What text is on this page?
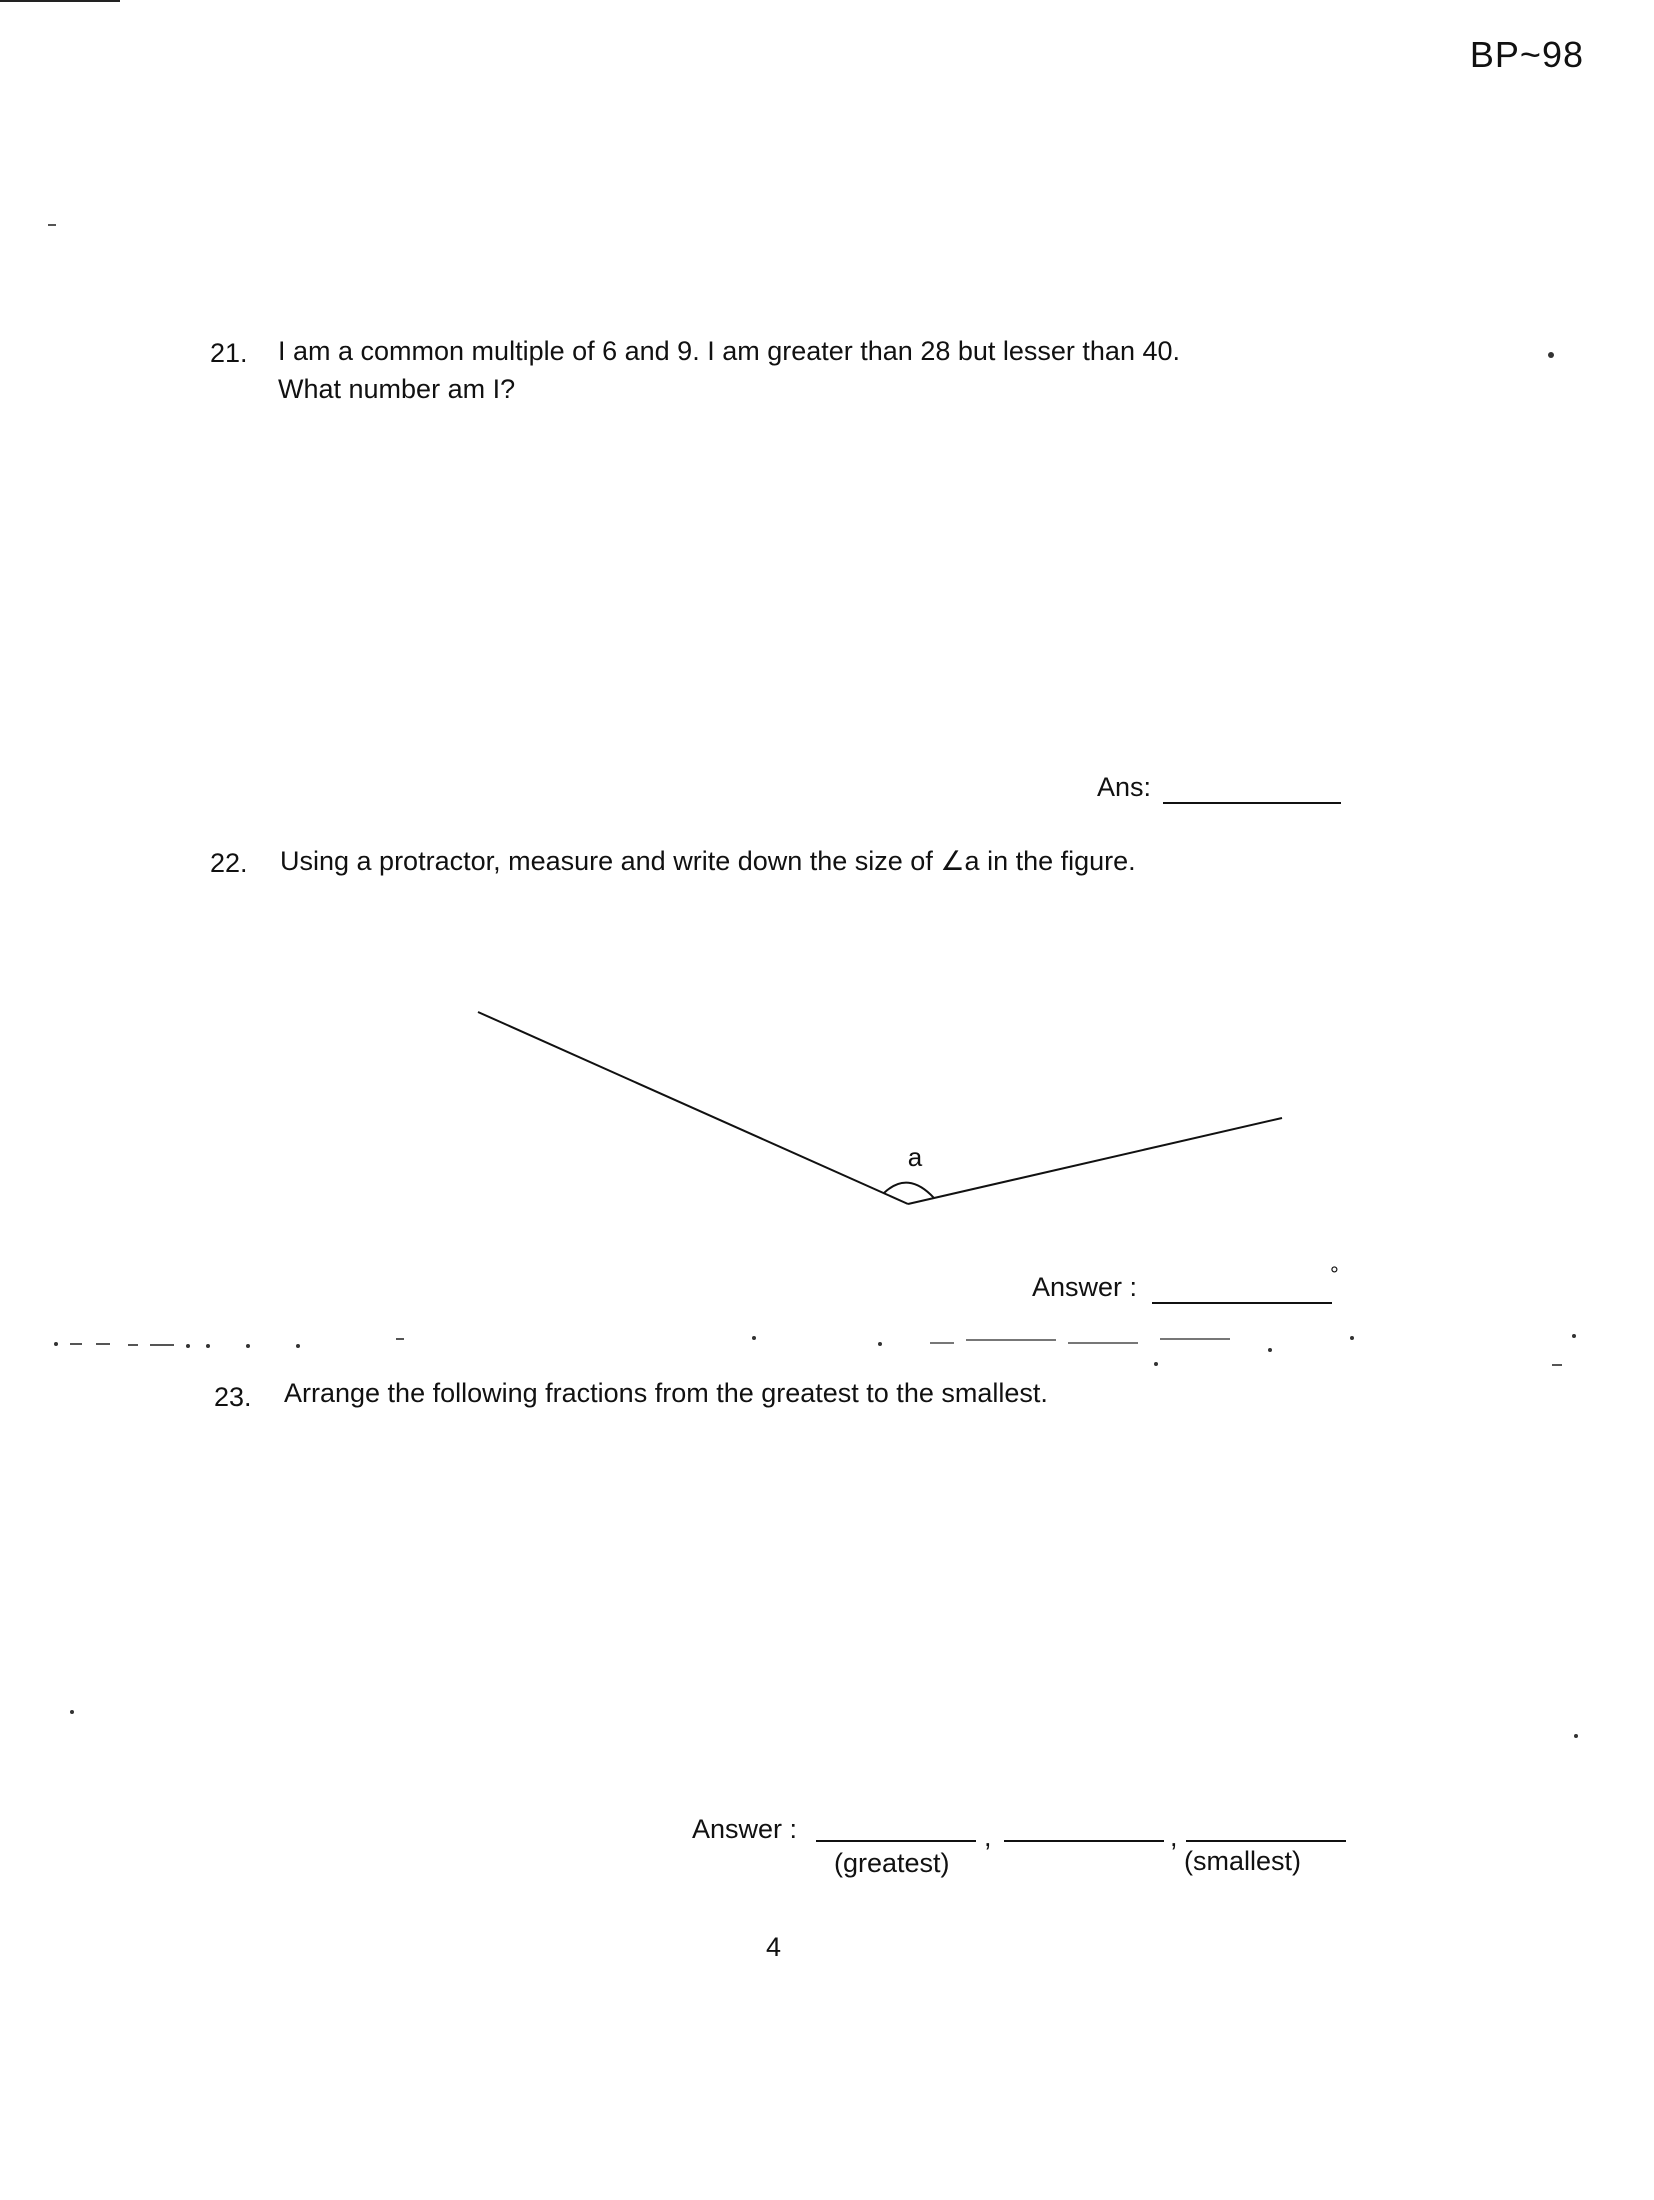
BP~98
21. I am a common multiple of 6 and 9. I am greater than 28 but lesser than 40.
What number am I?
Ans:
22. Using a protractor, measure and write down the size of ∠a in the figure.
a
Answer :	°
23. Arrange the following fractions from the greatest to the smallest.
Answer :	,	,
(greatest)	(smallest)
4
